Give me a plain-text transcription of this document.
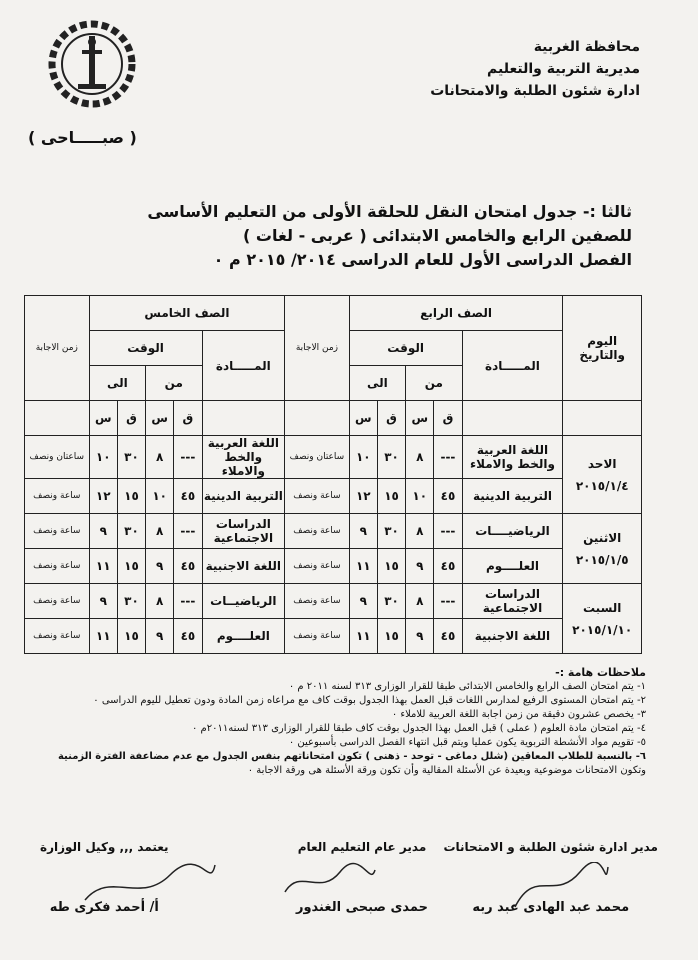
محافظة الغربية
مديرية التربية والتعليم
ادارة شئون الطلبة والامتحانات
( صبـــــاحى )
ثالثا :- جدول امتحان النقل للحلقة الأولى من التعليم الأساسى
للصفين الرابع والخامس الابتدائى ( عربى - لغات )
الفصل الدراسى الأول للعام الدراسى ٢٠١٤/ ٢٠١٥ م ٠
اليوم والتاريخ	الصف الرابع					زمن الاجابة	الصف الخامس					زمن الاجابة
	المـــــادة	الوقت					المـــــادة	الوقت				
		من		الى				من		الى		
		ق	س	ق	س			ق	س	ق	س	

الاحد
٢٠١٥/١/٤	اللغة العربية والخط والاملاء	---	٨	٣٠	١٠	ساعتان ونصف	اللغة العربية والخط والاملاء	---	٨	٣٠	١٠	ساعتان ونصف
	التربية الدينية	٤٥	١٠	١٥	١٢	ساعة ونصف	التربية الدينية	٤٥	١٠	١٥	١٢	ساعة ونصف

الاثنين
٢٠١٥/١/٥	الرياضيــــات	---	٨	٣٠	٩	ساعة ونصف	الدراسات الاجتماعية	---	٨	٣٠	٩	ساعة ونصف
	العلــــوم	٤٥	٩	١٥	١١	ساعة ونصف	اللغة الاجنبية	٤٥	٩	١٥	١١	ساعة ونصف

السبت
٢٠١٥/١/١٠	الدراسات الاجتماعية	---	٨	٣٠	٩	ساعة ونصف	الرياضيــات	---	٨	٣٠	٩	ساعة ونصف
	اللغة الاجنبية	٤٥	٩	١٥	١١	ساعة ونصف	العلــــوم	٤٥	٩	١٥	١١	ساعة ونصف
ملاحظات هامة :-
١- يتم امتحان الصف الرابع والخامس الابتدائى طبقا للقرار الوزارى ٣١٣ لسنه ٢٠١١ م ٠
٢- يتم امتحان المستوى الرفيع لمدارس اللغات قبل العمل بهذا الجدول بوقت كاف مع مراعاه زمن المادة ودون تعطيل لليوم الدراسى ٠
٣- يخصص عشرون دقيقة من زمن اجابة اللغة العربية للاملاء ٠
٤- يتم امتحان مادة العلوم ( عملى ) قبل العمل بهذا الجدول بوقت كاف طبقا للقرار الوزارى ٣١٣ لسنه٢٠١١م ٠
٥- تقويم مواد الأنشطة التربوية يكون عمليا ويتم قبل انتهاء الفصل الدراسى بأسبوعين ٠
٦- بالنسبة للطلاب المعاقين (شلل دماغى - توحد - ذهنى ) تكون امتحاناتهم بنفس الجدول مع عدم مضاعفة الفترة الزمنية
وتكون الامتحانات موضوعية وبعيدة عن الأسئلة المقالية وأن تكون ورقة الأسئلة هى ورقة الاجابة ٠
مدير ادارة شئون الطلبة و الامتحانات
محمد عبد الهادى عبد ربه
مدير عام التعليم العام
حمدى صبحى الغندور
يعتمد ,,, وكيل الوزارة
أ/ أحمد فكرى طه
